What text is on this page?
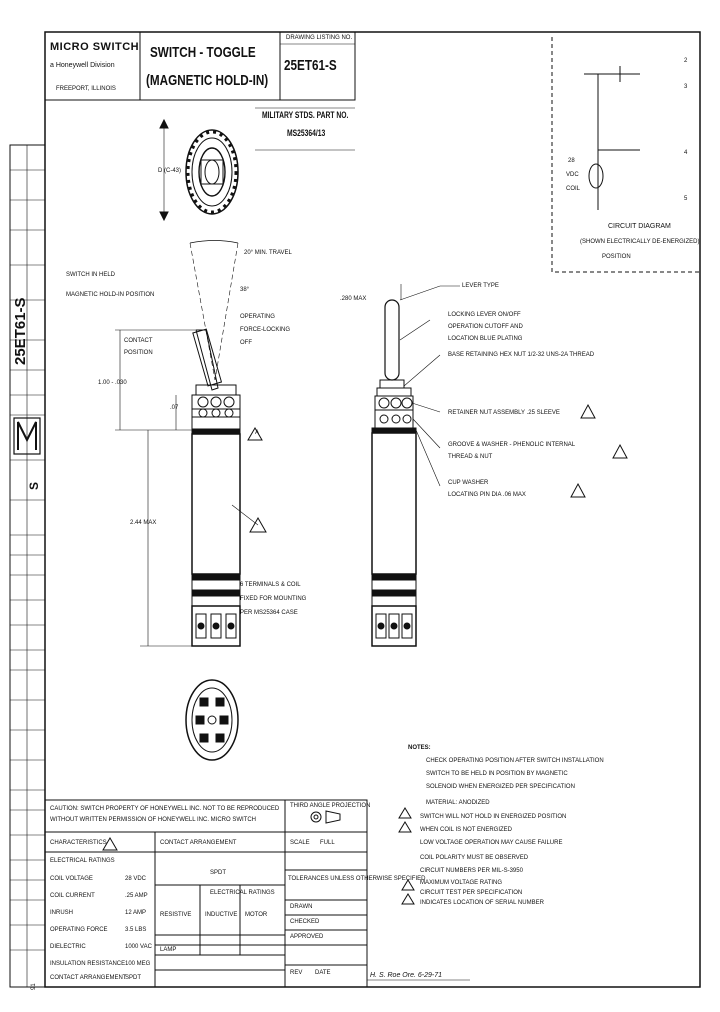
MICRO SWITCH
a Honeywell Division
FREEPORT, ILLINOIS
SWITCH - TOGGLE
(MAGNETIC HOLD-IN)
DRAWING LISTING NO.
25ET61-S
MILITARY STDS. PART NO.
MS25364/13
25ET61-S
S
91
2
3
4
5
28
VDC
COIL
CIRCUIT DIAGRAM
(SHOWN ELECTRICALLY DE-ENERGIZED)
POSITION
D (C-43)
20° MIN. TRAVEL
38°
SWITCH IN HELD
MAGNETIC HOLD-IN POSITION
OPERATING
FORCE-LOCKING
CONTACT
POSITION
OFF
1.00 - .030
.07
2.44 MAX
.280 MAX
LEVER TYPE
LOCKING LEVER ON/OFF
OPERATION CUTOFF AND
LOCATION BLUE PLATING
BASE RETAINING HEX NUT 1/2-32 UNS-2A THREAD
RETAINER NUT ASSEMBLY .25 SLEEVE
GROOVE & WASHER - PHENOLIC INTERNAL
THREAD & NUT
CUP WASHER
LOCATING PIN DIA .06 MAX
6 TERMINALS & COIL
FIXED FOR MOUNTING
PER MS25364 CASE
A
NOTES:
CHECK OPERATING POSITION AFTER SWITCH INSTALLATION
SWITCH TO BE HELD IN POSITION BY MAGNETIC
SOLENOID WHEN ENERGIZED PER SPECIFICATION
MATERIAL: ANODIZED
SWITCH WILL NOT HOLD IN ENERGIZED POSITION
WHEN COIL IS NOT ENERGIZED
LOW VOLTAGE OPERATION MAY CAUSE FAILURE
COIL POLARITY MUST BE OBSERVED
CIRCUIT NUMBERS PER MIL-S-3950
MAXIMUM VOLTAGE RATING
CIRCUIT TEST PER SPECIFICATION
INDICATES LOCATION OF SERIAL NUMBER
CAUTION: SWITCH PROPERTY OF HONEYWELL INC. NOT TO BE REPRODUCED
WITHOUT WRITTEN PERMISSION OF HONEYWELL INC. MICRO SWITCH
CHARACTERISTICS
ELECTRICAL RATINGS
COIL VOLTAGE	28 VDC
COIL CURRENT	.25 AMP
INRUSH	12 AMP
OPERATING FORCE	3.5 LBS
DIELECTRIC	1000 VAC
INSULATION RESISTANCE 100 MEG
CONTACT ARRANGEMENT
SPDT
CONTACT ARRANGEMENT
SPDT
ELECTRICAL RATINGS
RESISTIVE INDUCTIVE MOTOR
LAMP
THIRD ANGLE PROJECTION
SCALE FULL
TOLERANCES UNLESS OTHERWISE SPECIFIED
DRAWN
CHECKED
APPROVED
REV DATE	H. S. Roe Ore. 6-29-71
